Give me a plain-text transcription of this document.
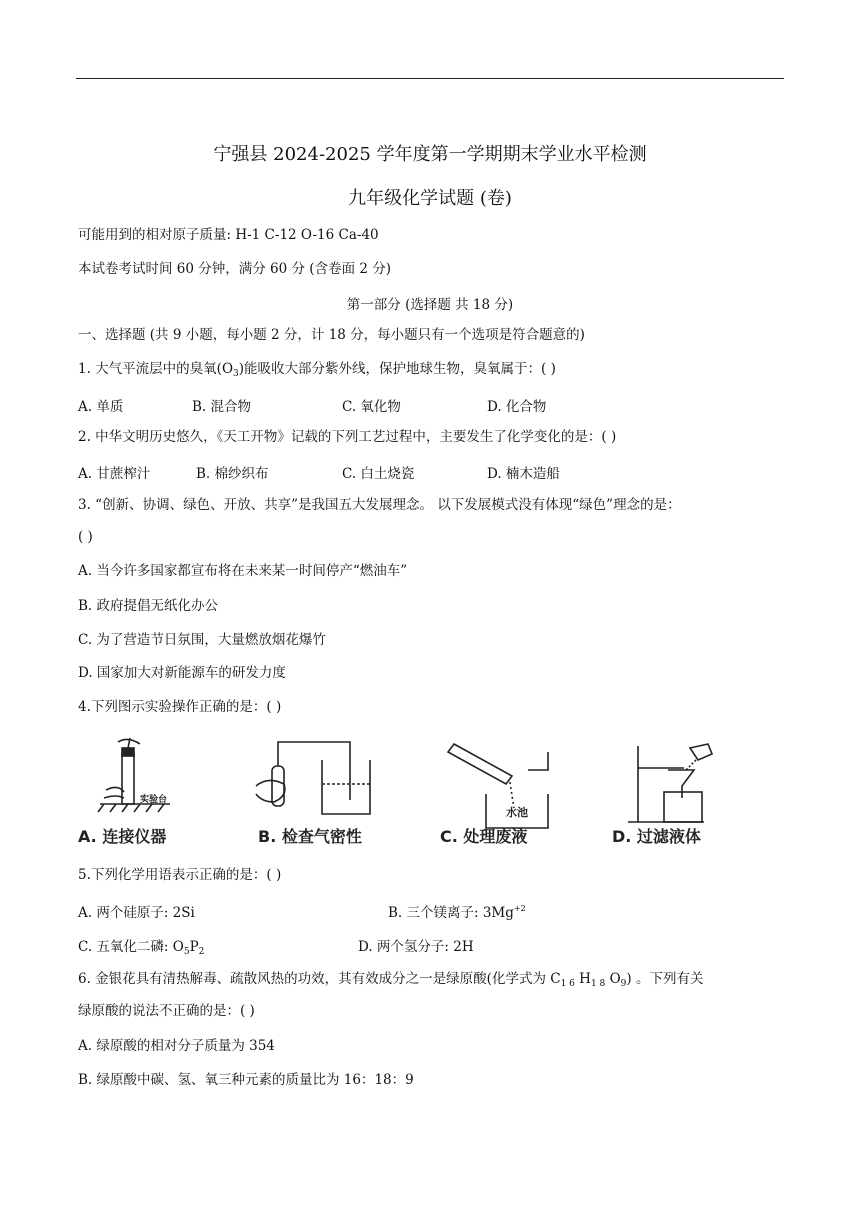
宁强县 2024-2025 学年度第一学期期末学业水平检测
九年级化学试题 (卷)
可能用到的相对原子质量: H-1 C-12 O-16 Ca-40
本试卷考试时间 60 分钟，满分 60 分 (含卷面 2 分)
第一部分 (选择题 共 18 分)
一、选择题 (共 9 小题，每小题 2 分，计 18 分，每小题只有一个选项是符合题意的)
1. 大气平流层中的臭氧$(O_3)$能吸收大部分紫外线，保护地球生物，臭氧属于：( )
A. 单质	B. 混合物	C. 氧化物	D. 化合物
2. 中华文明历史悠久，《天工开物》记载的下列工艺过程中，主要发生了化学变化的是：( )
A. 甘蔗榨汁	B. 棉纱织布	C. 白土烧瓷	D. 楠木造船
3. “创新、协调、绿色、开放、共享”是我国五大发展理念。 以下发展模式没有体现“绿色”理念的是：
( )
A. 当今许多国家都宣布将在未来某一时间停产“燃油车”
B. 政府提倡无纸化办公
C. 为了营造节日氛围，大量燃放烟花爆竹
D. 国家加大对新能源车的研发力度
4.下列图示实验操作正确的是：( )
实验台
A. 连接仪器	B. 检查气密性
水池
C. 处理废液	D. 过滤液体
5.下列化学用语表示正确的是：( )
A. 两个硅原子: 2Si	B. 三个镁离子: $3Mg^{+2}$
C. 五氧化二磷: $O_5P_2$	D. 两个氢分子: 2H
6. 金银花具有清热解毒、疏散风热的功效，其有效成分之一是绿原酸(化学式为 $C_{1 6}$ $H_{1 8}$ $O_9$) 。下列有关
绿原酸的说法不正确的是：( )
A. 绿原酸的相对分子质量为 354
B. 绿原酸中碳、氢、氧三种元素的质量比为 16：18：9
